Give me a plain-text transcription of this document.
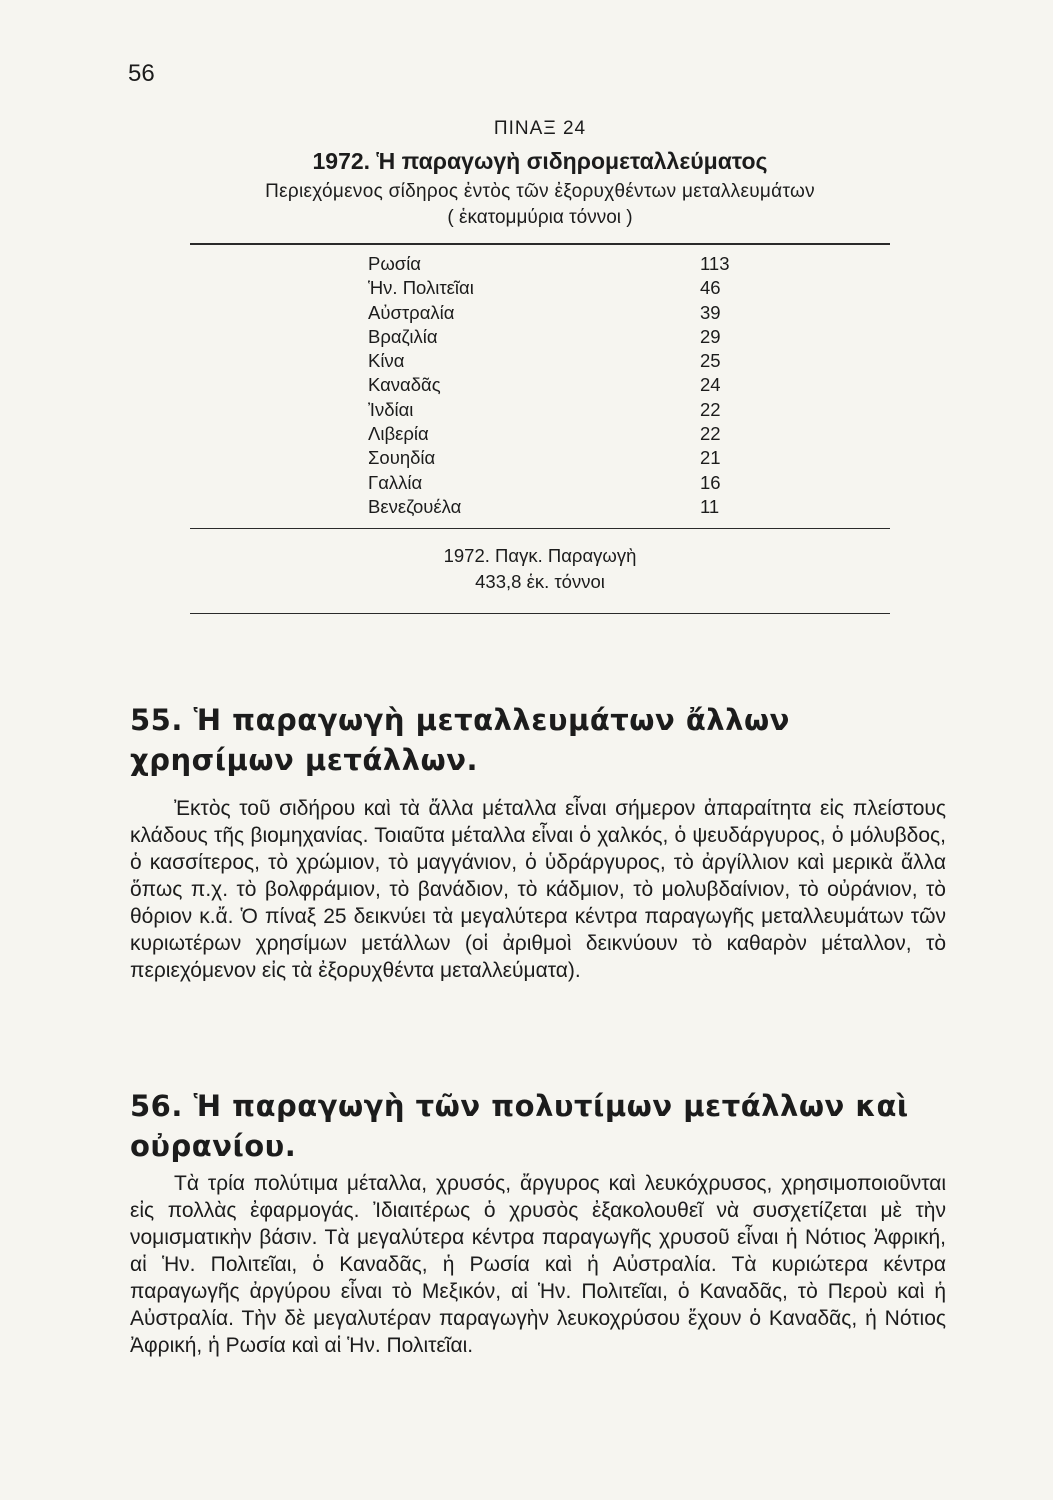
56
ΠΙΝΑΞ 24
1972. Ἡ παραγωγὴ σιδηρομεταλλεύματος
Περιεχόμενος σίδηρος ἐντὸς τῶν ἐξορυχθέντων μεταλλευμάτων
( ἑκατομμύρια τόννοι )
Ρωσία	113
Ἡν. Πολιτεῖαι	46
Αὐστραλία	39
Βραζιλία	29
Κίνα	25
Καναδᾶς	24
Ἰνδίαι	22
Λιβερία	22
Σουηδία	21
Γαλλία	16
Βενεζουέλα	11
1972. Παγκ. Παραγωγὴ
433,8 ἑκ. τόννοι
55. Ἡ παραγωγὴ μεταλλευμάτων ἄλλων χρησίμων μετάλλων.
Ἐκτὸς τοῦ σιδήρου καὶ τὰ ἄλλα μέταλλα εἶναι σήμερον ἀπαραίτητα εἰς πλείστους κλάδους τῆς βιομηχανίας. Τοιαῦτα μέταλλα εἶναι ὁ χαλκός, ὁ ψευδάργυρος, ὁ μόλυβδος, ὁ κασσίτερος, τὸ χρώμιον, τὸ μαγγάνιον, ὁ ὑδράργυρος, τὸ ἀργίλλιον καὶ μερικὰ ἄλλα ὅπως π.χ. τὸ βολφράμιον, τὸ βανάδιον, τὸ κάδμιον, τὸ μολυβδαίνιον, τὸ οὐράνιον, τὸ θόριον κ.ἄ. Ὁ πίναξ 25 δεικνύει τὰ μεγαλύτερα κέντρα παραγωγῆς μεταλλευμάτων τῶν κυριωτέρων χρησίμων μετάλλων (οἱ ἀριθμοὶ δεικνύουν τὸ καθαρὸν μέταλλον, τὸ περιεχόμενον εἰς τὰ ἐξορυχθέντα μεταλλεύματα).
56. Ἡ παραγωγὴ τῶν πολυτίμων μετάλλων καὶ οὐρανίου.
Τὰ τρία πολύτιμα μέταλλα, χρυσός, ἄργυρος καὶ λευκόχρυσος, χρησιμοποιοῦνται εἰς πολλὰς ἐφαρμογάς. Ἰδιαιτέρως ὁ χρυσὸς ἐξακολουθεῖ νὰ συσχετίζεται μὲ τὴν νομισματικὴν βάσιν. Τὰ μεγαλύτερα κέντρα παραγωγῆς χρυσοῦ εἶναι ἡ Νότιος Ἀφρική, αἱ Ἡν. Πολιτεῖαι, ὁ Καναδᾶς, ἡ Ρωσία καὶ ἡ Αὐστραλία. Τὰ κυριώτερα κέντρα παραγωγῆς ἀργύρου εἶναι τὸ Μεξικόν, αἱ Ἡν. Πολιτεῖαι, ὁ Καναδᾶς, τὸ Περοὺ καὶ ἡ Αὐστραλία. Τὴν δὲ μεγαλυτέραν παραγωγὴν λευκοχρύσου ἔχουν ὁ Καναδᾶς, ἡ Νότιος Ἀφρική, ἡ Ρωσία καὶ αἱ Ἡν. Πολιτεῖαι.
